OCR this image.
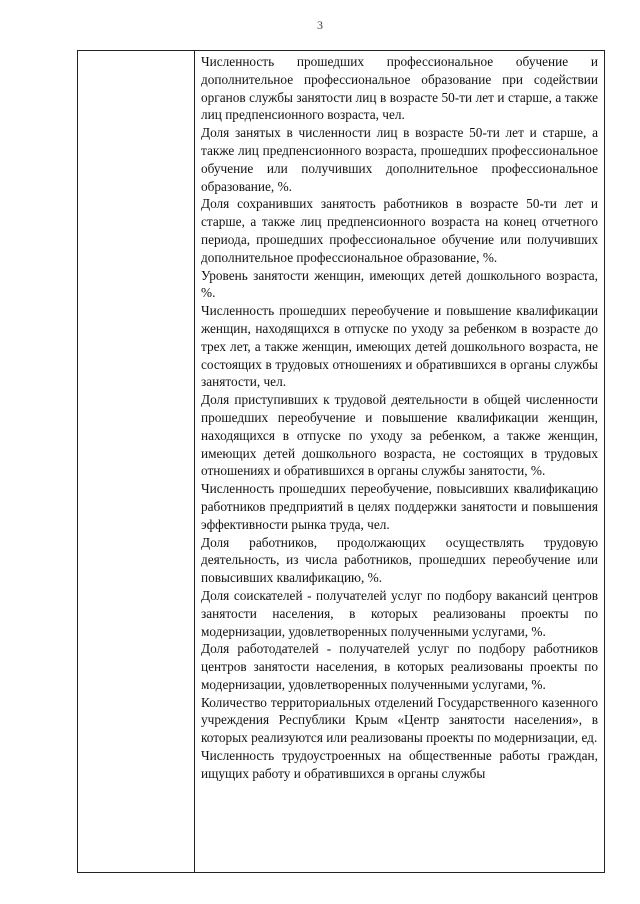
3

Численность прошедших профессиональное обучение и дополнительное профессиональное образование при содействии органов службы занятости лиц в возрасте 50-ти лет и старше, а также лиц предпенсионного возраста, чел.

Доля занятых в численности лиц в возрасте 50-ти лет и старше, а также лиц предпенсионного возраста, прошедших профессиональное обучение или получивших дополнительное профессиональное образование, %.

Доля сохранивших занятость работников в возрасте 50-ти лет и старше, а также лиц предпенсионного возраста на конец отчетного периода, прошедших профессиональное обучение или получивших дополнительное профессиональное образование, %.

Уровень занятости женщин, имеющих детей дошкольного возраста, %.

Численность прошедших переобучение и повышение квалификации женщин, находящихся в отпуске по уходу за ребенком в возрасте до трех лет, а также женщин, имеющих детей дошкольного возраста, не состоящих в трудовых отношениях и обратившихся в органы службы занятости, чел.

Доля приступивших к трудовой деятельности в общей численности прошедших переобучение и повышение квалификации женщин, находящихся в отпуске по уходу за ребенком, а также женщин, имеющих детей дошкольного возраста, не состоящих в трудовых отношениях и обратившихся в органы службы занятости, %.

Численность прошедших переобучение, повысивших квалификацию работников предприятий в целях поддержки занятости и повышения эффективности рынка труда, чел.

Доля работников, продолжающих осуществлять трудовую деятельность, из числа работников, прошедших переобучение или повысивших квалификацию, %.

Доля соискателей - получателей услуг по подбору вакансий центров занятости населения, в которых реализованы проекты по модернизации, удовлетворенных полученными услугами, %.

Доля работодателей - получателей услуг по подбору работников центров занятости населения, в которых реализованы проекты по модернизации, удовлетворенных полученными услугами, %.

Количество территориальных отделений Государственного казенного учреждения Республики Крым «Центр занятости населения», в которых реализуются или реализованы проекты по модернизации, ед.

Численность трудоустроенных на общественные работы граждан, ищущих работу и обратившихся в органы службы
